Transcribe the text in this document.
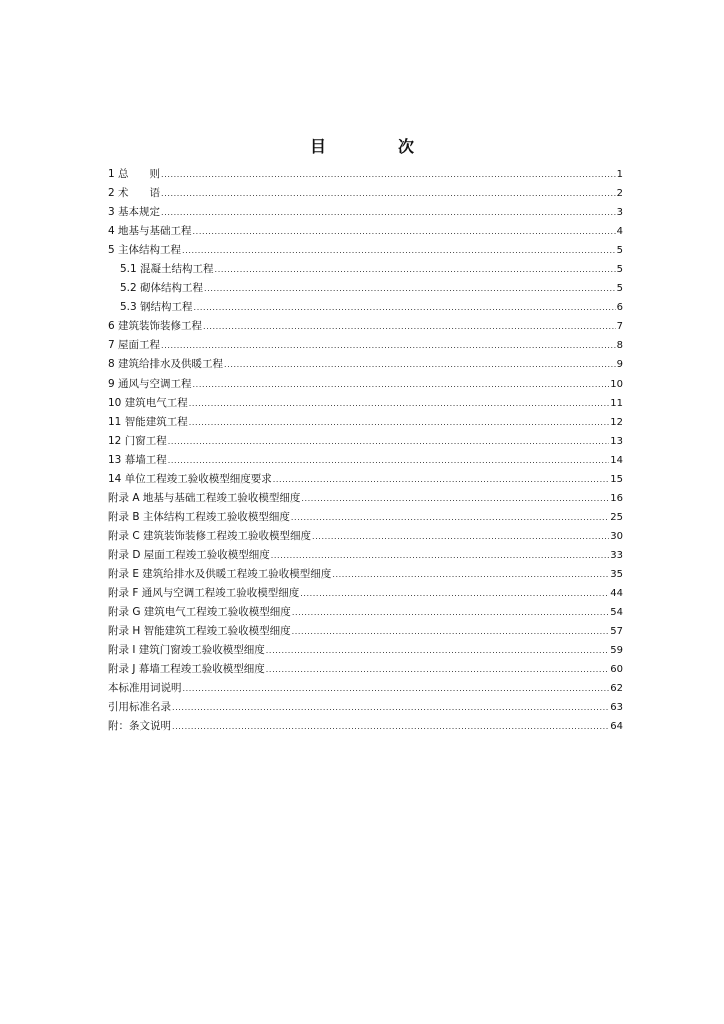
目　次
1 总　　则 .....	1
2 术　　语 .....	2
3 基本规定 .....	3
4 地基与基础工程 .....	4
5 主体结构工程 .....	5
5.1 混凝土结构工程 .....	5
5.2 砌体结构工程 .....	5
5.3 钢结构工程 .....	6
6 建筑装饰装修工程 .....	7
7 屋面工程 .....	8
8 建筑给排水及供暖工程 .....	9
9 通风与空调工程 .....	10
10 建筑电气工程 .....	11
11 智能建筑工程 .....	12
12 门窗工程 .....	13
13 幕墙工程 .....	14
14 单位工程竣工验收模型细度要求 .....	15
附录 A 地基与基础工程竣工验收模型细度 .....	16
附录 B 主体结构工程竣工验收模型细度 .....	25
附录 C 建筑装饰装修工程竣工验收模型细度 .....	30
附录 D 屋面工程竣工验收模型细度 .....	33
附录 E 建筑给排水及供暖工程竣工验收模型细度 .....	35
附录 F 通风与空调工程竣工验收模型细度 .....	44
附录 G 建筑电气工程竣工验收模型细度 .....	54
附录 H 智能建筑工程竣工验收模型细度 .....	57
附录 I 建筑门窗竣工验收模型细度 .....	59
附录 J 幕墙工程竣工验收模型细度 .....	60
本标准用词说明 .....	62
引用标准名录 .....	63
附：条文说明 .....	64
